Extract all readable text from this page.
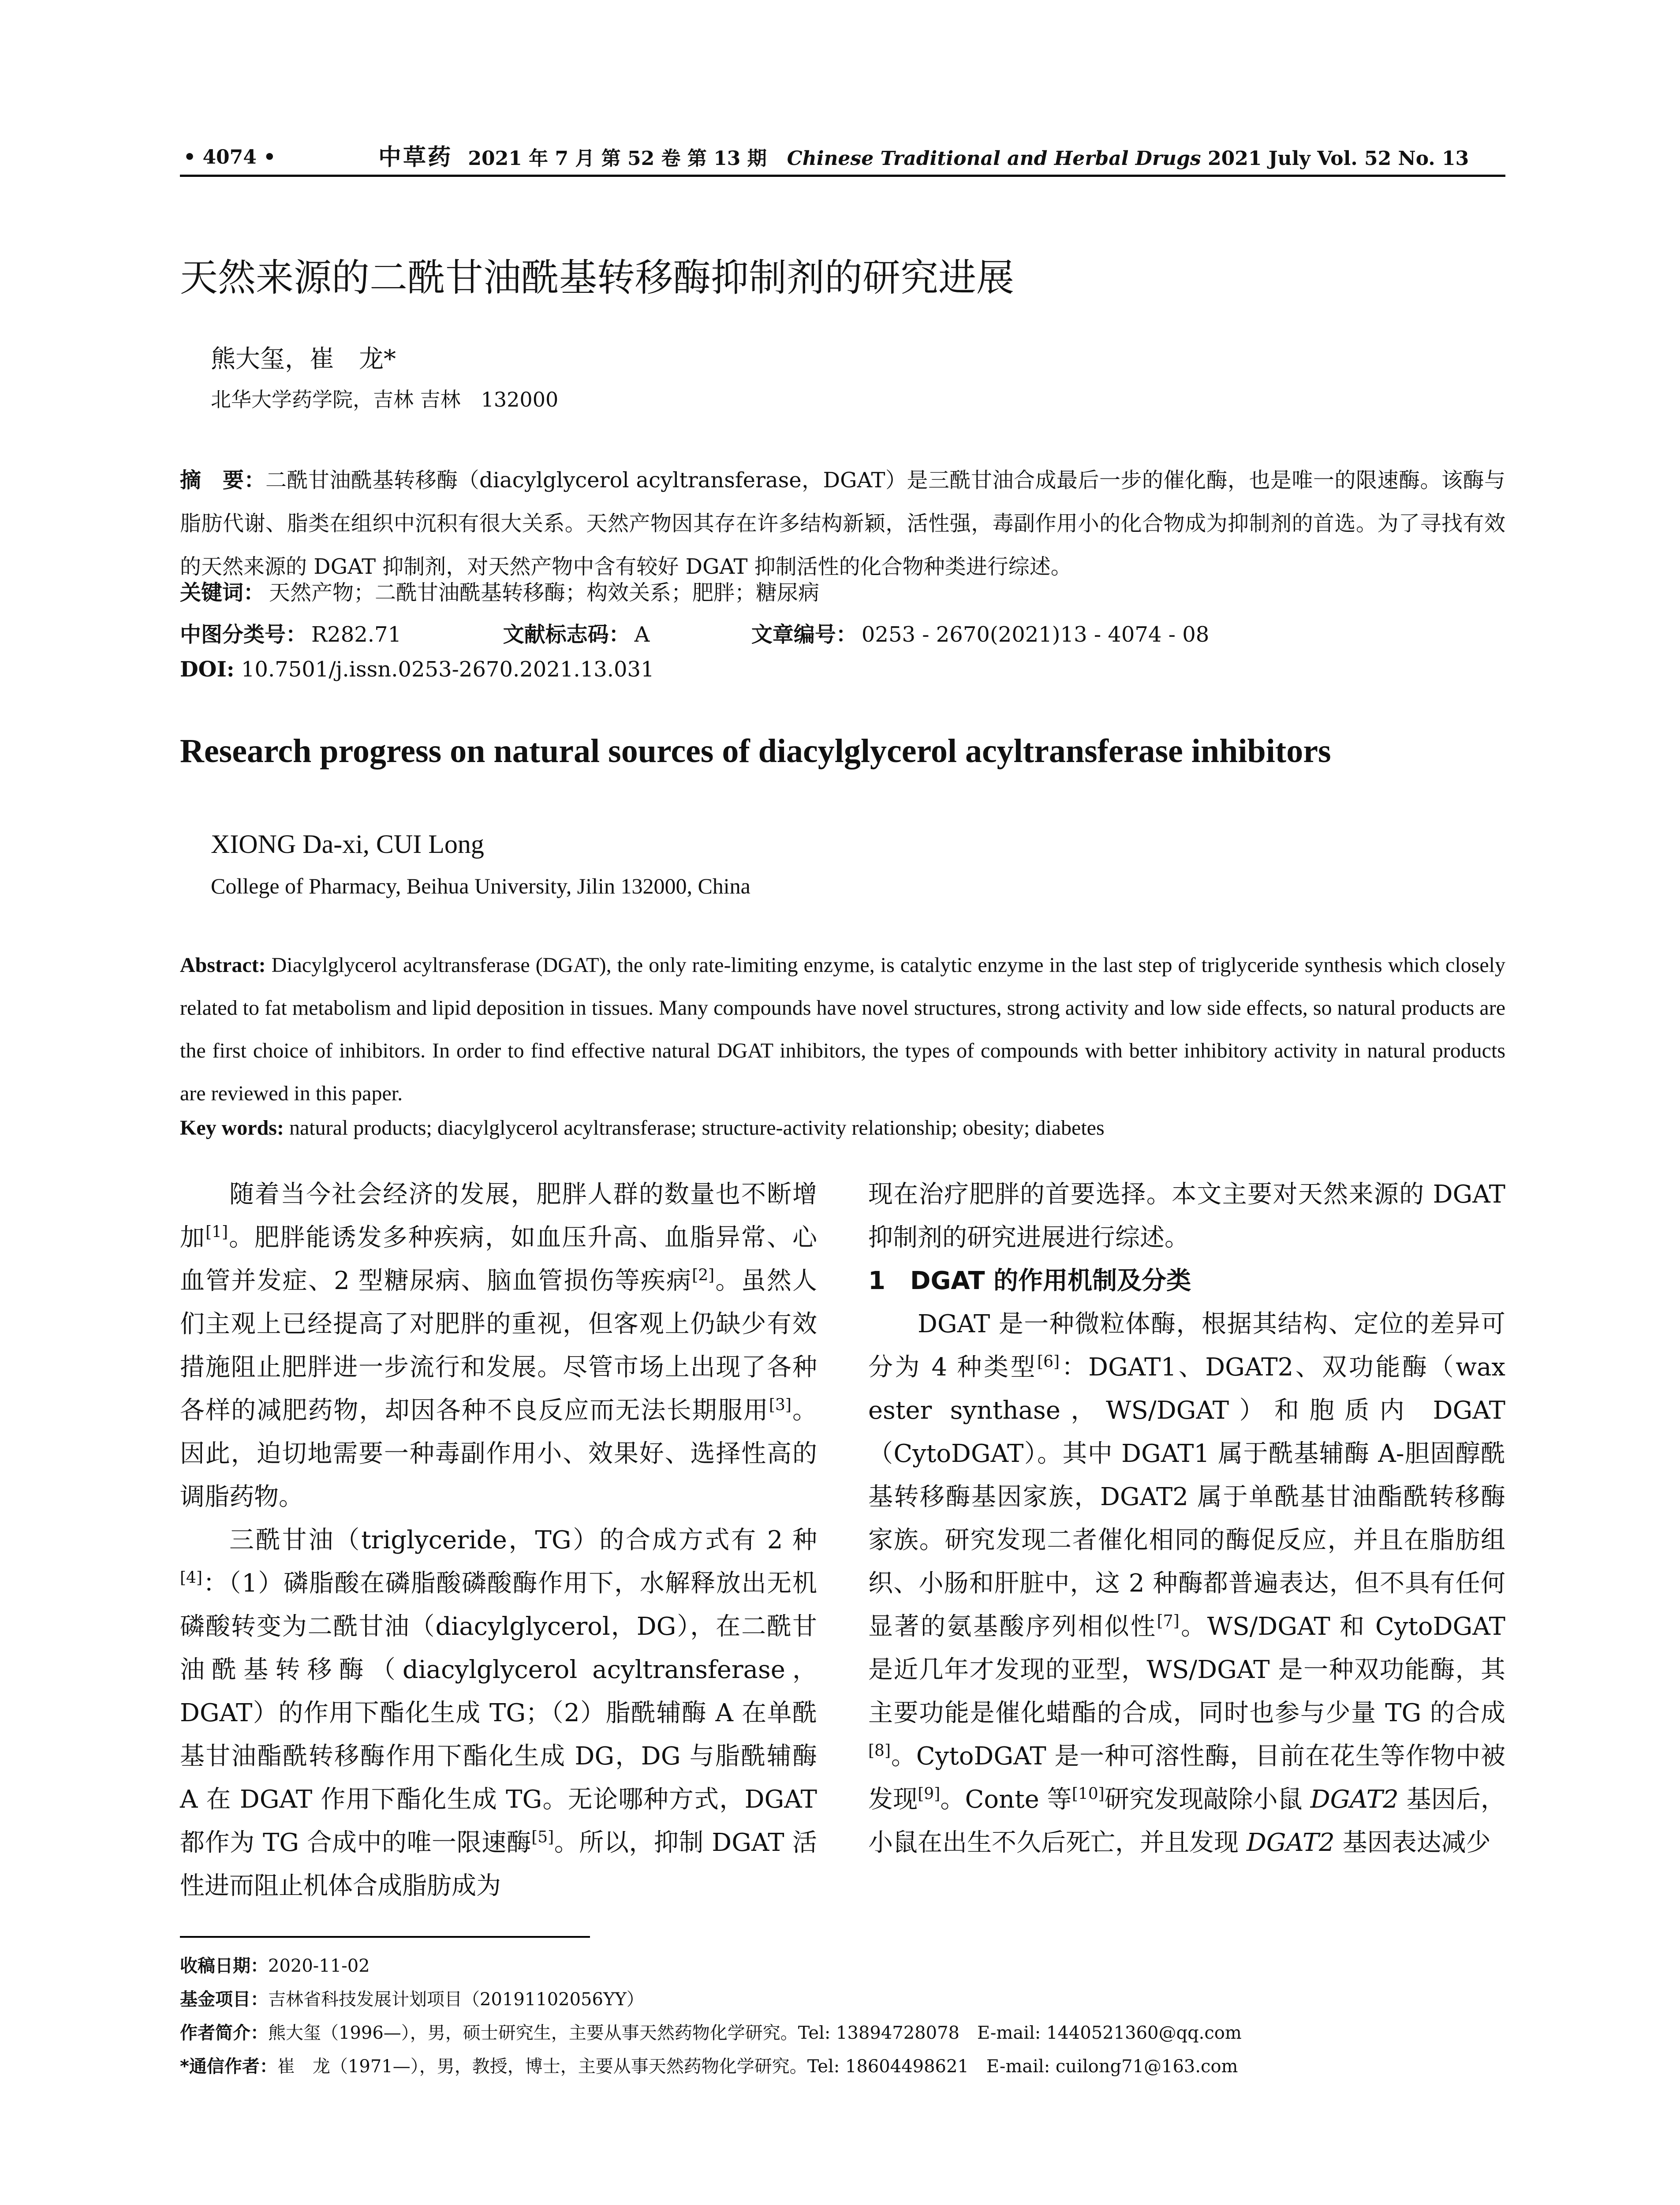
• 4074 •	中草药 2021 年 7 月 第 52 卷 第 13 期 Chinese Traditional and Herbal Drugs 2021 July Vol. 52 No. 13
天然来源的二酰甘油酰基转移酶抑制剂的研究进展
熊大玺，崔　龙*
北华大学药学院，吉林 吉林　132000
摘　要：二酰甘油酰基转移酶（diacylglycerol acyltransferase，DGAT）是三酰甘油合成最后一步的催化酶，也是唯一的限速酶。该酶与脂肪代谢、脂类在组织中沉积有很大关系。天然产物因其存在许多结构新颖，活性强，毒副作用小的化合物成为抑制剂的首选。为了寻找有效的天然来源的 DGAT 抑制剂，对天然产物中含有较好 DGAT 抑制活性的化合物种类进行综述。
关键词： 天然产物；二酰甘油酰基转移酶；构效关系；肥胖；糖尿病
中图分类号： R282.71	文献标志码： A	文章编号： 0253 - 2670(2021)13 - 4074 - 08
DOI: 10.7501/j.issn.0253-2670.2021.13.031
Research progress on natural sources of diacylglycerol acyltransferase inhibitors
XIONG Da-xi, CUI Long
College of Pharmacy, Beihua University, Jilin 132000, China
Abstract: Diacylglycerol acyltransferase (DGAT), the only rate-limiting enzyme, is catalytic enzyme in the last step of triglyceride synthesis which closely related to fat metabolism and lipid deposition in tissues. Many compounds have novel structures, strong activity and low side effects, so natural products are the first choice of inhibitors. In order to find effective natural DGAT inhibitors, the types of compounds with better inhibitory activity in natural products are reviewed in this paper.
Key words: natural products; diacylglycerol acyltransferase; structure-activity relationship; obesity; diabetes

随着当今社会经济的发展，肥胖人群的数量也不断增加[1]。肥胖能诱发多种疾病，如血压升高、血脂异常、心血管并发症、2 型糖尿病、脑血管损伤等疾病[2]。虽然人们主观上已经提高了对肥胖的重视，但客观上仍缺少有效措施阻止肥胖进一步流行和发展。尽管市场上出现了各种各样的减肥药物，却因各种不良反应而无法长期服用[3]。因此，迫切地需要一种毒副作用小、效果好、选择性高的调脂药物。

三酰甘油（triglyceride，TG）的合成方式有 2 种[4]：（1）磷脂酸在磷脂酸磷酸酶作用下，水解释放出无机磷酸转变为二酰甘油（diacylglycerol，DG），在二酰甘油酰基转移酶（diacylglycerol acyltransferase，DGAT）的作用下酯化生成 TG；（2）脂酰辅酶 A 在单酰基甘油酯酰转移酶作用下酯化生成 DG，DG 与脂酰辅酶 A 在 DGAT 作用下酯化生成 TG。无论哪种方式，DGAT 都作为 TG 合成中的唯一限速酶[5]。所以，抑制 DGAT 活性进而阻止机体合成脂肪成为

现在治疗肥胖的首要选择。本文主要对天然来源的 DGAT 抑制剂的研究进展进行综述。

1　DGAT 的作用机制及分类

DGAT 是一种微粒体酶，根据其结构、定位的差异可分为 4 种类型[6]：DGAT1、DGAT2、双功能酶（wax ester synthase，WS/DGAT）和胞质内 DGAT（CytoDGAT）。其中 DGAT1 属于酰基辅酶 A-胆固醇酰基转移酶基因家族，DGAT2 属于单酰基甘油酯酰转移酶家族。研究发现二者催化相同的酶促反应，并且在脂肪组织、小肠和肝脏中，这 2 种酶都普遍表达，但不具有任何显著的氨基酸序列相似性[7]。WS/DGAT 和 CytoDGAT 是近几年才发现的亚型，WS/DGAT 是一种双功能酶，其主要功能是催化蜡酯的合成，同时也参与少量 TG 的合成[8]。CytoDGAT 是一种可溶性酶，目前在花生等作物中被发现[9]。Conte 等[10]研究发现敲除小鼠 DGAT2 基因后，小鼠在出生不久后死亡，并且发现 DGAT2 基因表达减少

收稿日期：2020-11-02
基金项目：吉林省科技发展计划项目（20191102056YY）
作者简介：熊大玺（1996—），男，硕士研究生，主要从事天然药物化学研究。Tel: 13894728078　E-mail: 1440521360@qq.com
*通信作者：崔　龙（1971—），男，教授，博士，主要从事天然药物化学研究。Tel: 18604498621　E-mail: cuilong71@163.com
